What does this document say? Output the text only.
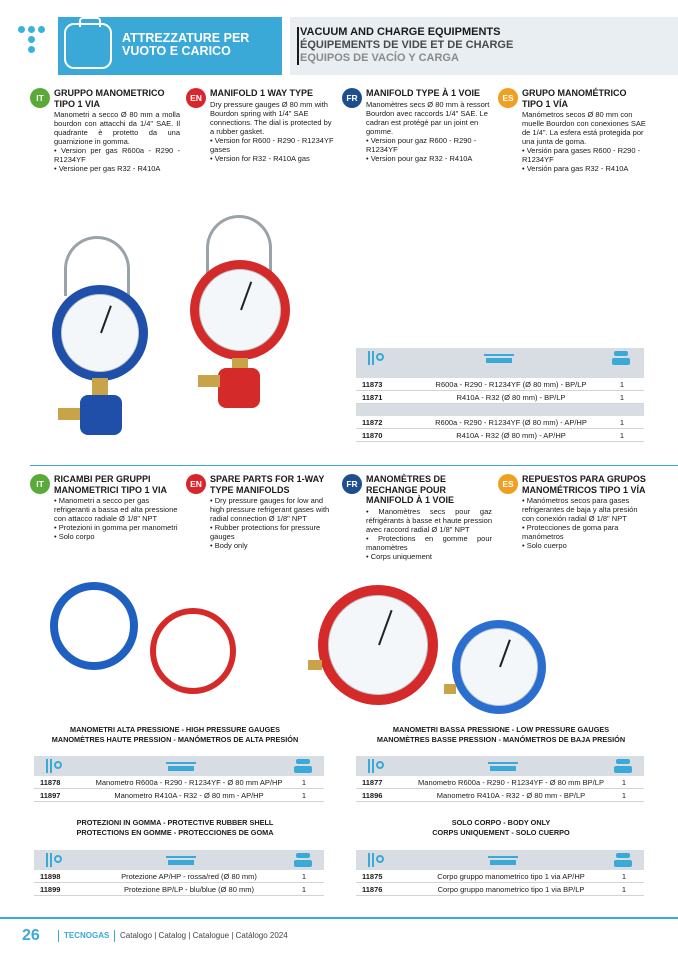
ATTREZZATURE PER VUOTO E CARICO
VACUUM AND CHARGE EQUIPMENTS
ÉQUIPEMENTS DE VIDE ET DE CHARGE
EQUIPOS DE VACÍO Y CARGA
IT	GRUPPO MANOMETRICO TIPO 1 VIA
Manometri a secco Ø 80 mm a molla bourdon con attacchi da 1/4" SAE. Il quadrante è protetto da una guarnizione in gomma.
• Version per gas R600a - R290 - R1234YF
• Versione per gas R32 - R410A
EN MANIFOLD 1 WAY TYPE
Dry pressure gauges Ø 80 mm with Bourdon spring with 1/4" SAE connections. The dial is protected by a rubber gasket.
• Version for R600 - R290 - R1234YF gases
• Version for R32 - R410A gas
FR MANIFOLD TYPE À 1 VOIE
Manomètres secs Ø 80 mm à ressort Bourdon avec raccords 1/4" SAE. Le cadran est protégé par un joint en gomme.
• Version pour gaz R600 - R290 - R1234YF
• Version pour gaz R32 - R410A
ES GRUPO MANOMÉTRICO TIPO 1 VÍA
Manómetros secos Ø 80 mm con muelle Bourdon con conexiones SAE de 1/4". La esfera está protegida por una junta de goma.
• Versión para gases R600 - R290 - R1234YF
• Versión para gas R32 - R410A
11873	R600a - R290 - R1234YF (Ø 80 mm) - BP/LP	1
11871	R410A - R32 (Ø 80 mm) - BP/LP	1
11872	R600a - R290 - R1234YF (Ø 80 mm) - AP/HP	1
11870	R410A - R32 (Ø 80 mm) - AP/HP	1
IT	RICAMBI PER GRUPPI MANOMETRICI TIPO 1 VIA
• Manometri a secco per gas refrigeranti a bassa ed alta pressione con attacco radiale Ø 1/8" NPT
• Protezioni in gomma per manometri
• Solo corpo
EN SPARE PARTS FOR 1-WAY TYPE MANIFOLDS
• Dry pressure gauges for low and high pressure refrigerant gases with radial connection Ø 1/8" NPT
• Rubber protections for pressure gauges
• Body only
FR MANOMÈTRES DE RECHANGE POUR MANIFOLD À 1 VOIE
• Manomètres secs pour gaz réfrigérants à basse et haute pression avec raccord radial Ø 1/8" NPT
• Protections en gomme pour manomètres
• Corps uniquement
ES REPUESTOS PARA GRUPOS MANOMÉTRICOS TIPO 1 VÍA
• Manómetros secos para gases refrigerantes de baja y alta presión con conexión radial Ø 1/8" NPT
• Protecciones de goma para manómetros
• Solo cuerpo
MANOMETRI ALTA PRESSIONE - HIGH PRESSURE GAUGES
MANOMÈTRES HAUTE PRESSION - MANÓMETROS DE ALTA PRESIÓN
11878	Manometro R600a - R290 - R1234YF - Ø 80 mm AP/HP	1
11897	Manometro R410A - R32 - Ø 80 mm - AP/HP	1
MANOMETRI BASSA PRESSIONE - LOW PRESSURE GAUGES
MANOMÈTRES BASSE PRESSION - MANÓMETROS DE BAJA PRESIÓN
11877	Manometro R600a - R290 - R1234YF - Ø 80 mm BP/LP	1
11896	Manometro R410A - R32 - Ø 80 mm - BP/LP	1
PROTEZIONI IN GOMMA - PROTECTIVE RUBBER SHELL
PROTECTIONS EN GOMME - PROTECCIONES DE GOMA
11898	Protezione AP/HP - rossa/red (Ø 80 mm)	1
11899	Protezione BP/LP - blu/blue (Ø 80 mm)	1
SOLO CORPO - BODY ONLY
CORPS UNIQUEMENT - SOLO CUERPO
11875	Corpo gruppo manometrico tipo 1 via AP/HP	1
11876	Corpo gruppo manometrico tipo 1 via BP/LP	1
26	TECNOGAS Catalogo | Catalog | Catalogue | Catálogo 2024
